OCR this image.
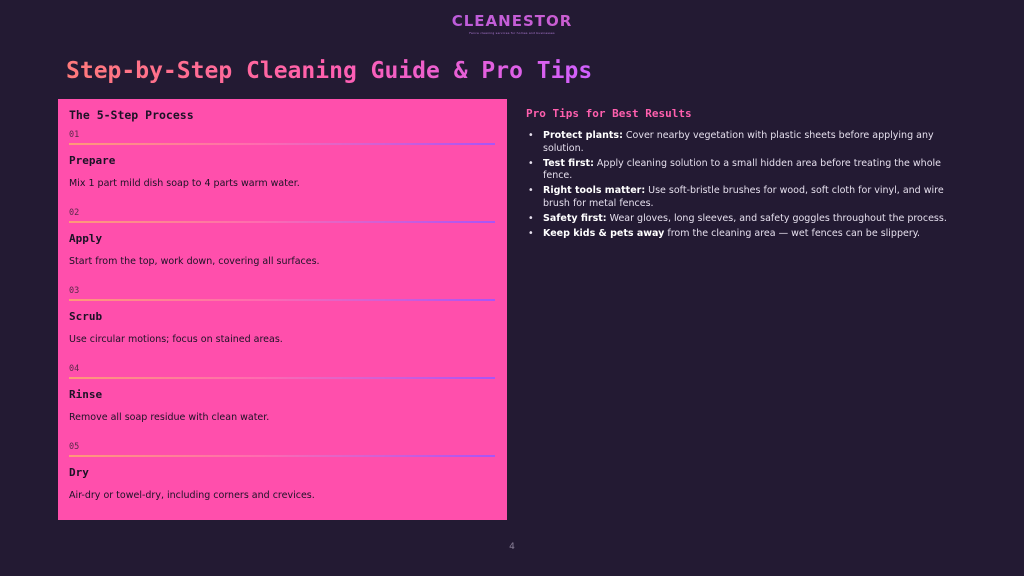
CLEANESTOR
Fence cleaning services for homes and businesses
Step-by-Step Cleaning Guide & Pro Tips
The 5-Step Process
01
Prepare
Mix 1 part mild dish soap to 4 parts warm water.
02
Apply
Start from the top, work down, covering all surfaces.
03
Scrub
Use circular motions; focus on stained areas.
04
Rinse
Remove all soap residue with clean water.
05
Dry
Air-dry or towel-dry, including corners and crevices.
Pro Tips for Best Results
• Protect plants: Cover nearby vegetation with plastic sheets before applying any solution.
• Test first: Apply cleaning solution to a small hidden area before treating the whole fence.
• Right tools matter: Use soft-bristle brushes for wood, soft cloth for vinyl, and wire brush for metal fences.
• Safety first: Wear gloves, long sleeves, and safety goggles throughout the process.
• Keep kids & pets away from the cleaning area — wet fences can be slippery.
4
